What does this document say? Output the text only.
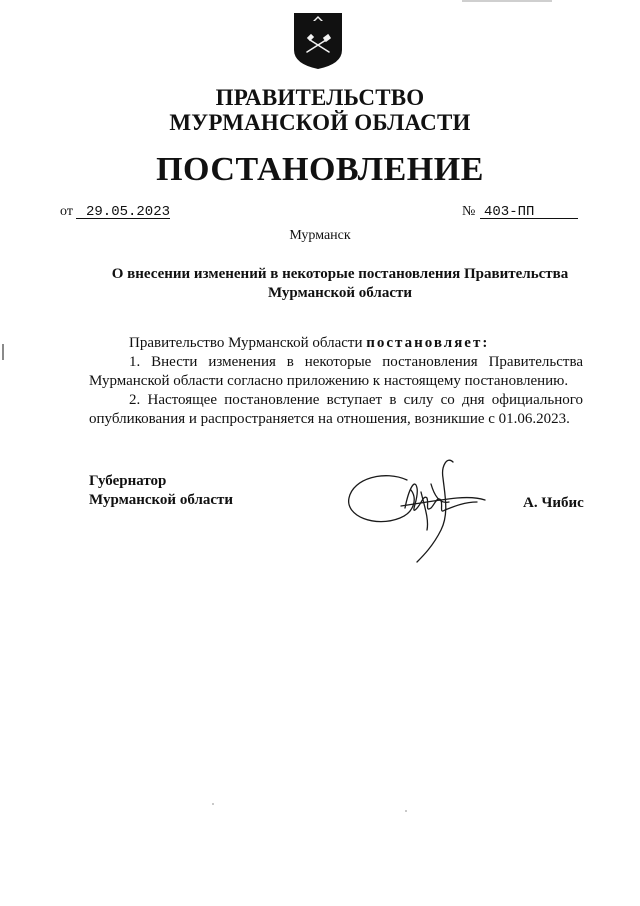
ПРАВИТЕЛЬСТВО
МУРМАНСКОЙ ОБЛАСТИ
ПОСТАНОВЛЕНИЕ
от 29.05.2023	№ 403-ПП
Мурманск
О внесении изменений в некоторые постановления Правительства
Мурманской области

Правительство Мурманской области постановляет:

1. Внести изменения в некоторые постановления Правительства Мурманской области согласно приложению к настоящему постановлению.

2. Настоящее постановление вступает в силу со дня официального опубликования и распространяется на отношения, возникшие с 01.06.2023.

Губернатор
Мурманской области	А. Чибис
